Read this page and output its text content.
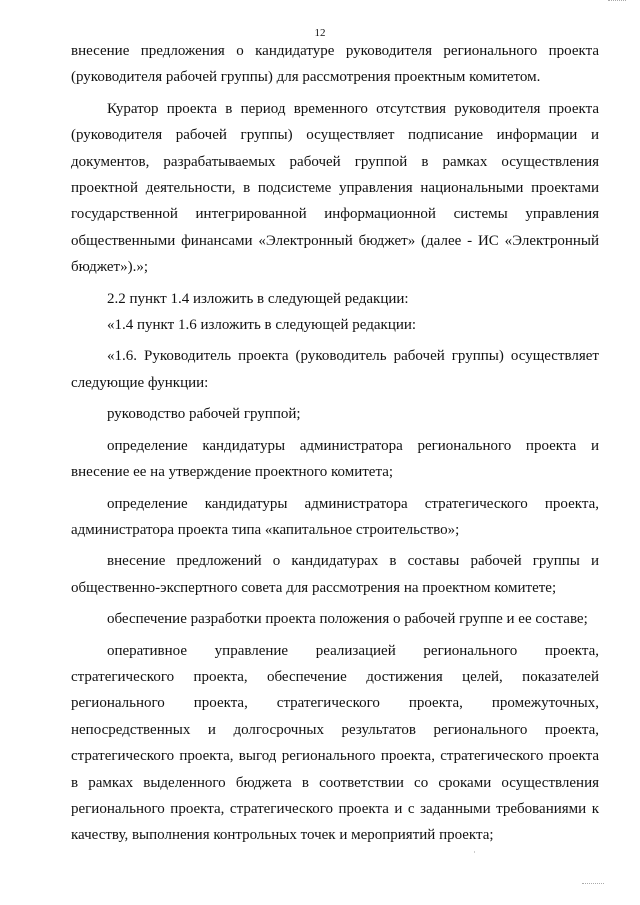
12

внесение предложения о кандидатуре руководителя регионального проекта (руководителя рабочей группы) для рассмотрения проектным комитетом.

Куратор проекта в период временного отсутствия руководителя проекта (руководителя рабочей группы) осуществляет подписание информации и документов, разрабатываемых рабочей группой в рамках осуществления проектной деятельности, в подсистеме управления национальными проектами государственной интегрированной информационной системы управления общественными финансами «Электронный бюджет» (далее - ИС «Электронный бюджет»).»;

2.2 пункт 1.4 изложить в следующей редакции:

«1.4 пункт 1.6 изложить в следующей редакции:

«1.6. Руководитель проекта (руководитель рабочей группы) осуществляет следующие функции:

руководство рабочей группой;

определение кандидатуры администратора регионального проекта и внесение ее на утверждение проектного комитета;

определение кандидатуры администратора стратегического проекта, администратора проекта типа «капитальное строительство»;

внесение предложений о кандидатурах в составы рабочей группы и общественно-экспертного совета для рассмотрения на проектном комитете;

обеспечение разработки проекта положения о рабочей группе и ее составе;

оперативное управление реализацией регионального проекта, стратегического проекта, обеспечение достижения целей, показателей регионального проекта, стратегического проекта, промежуточных, непосредственных и долгосрочных результатов регионального проекта, стратегического проекта, выгод регионального проекта, стратегического проекта в рамках выделенного бюджета в соответствии со сроками осуществления регионального проекта, стратегического проекта и с заданными требованиями к качеству, выполнения контрольных точек и мероприятий проекта;
